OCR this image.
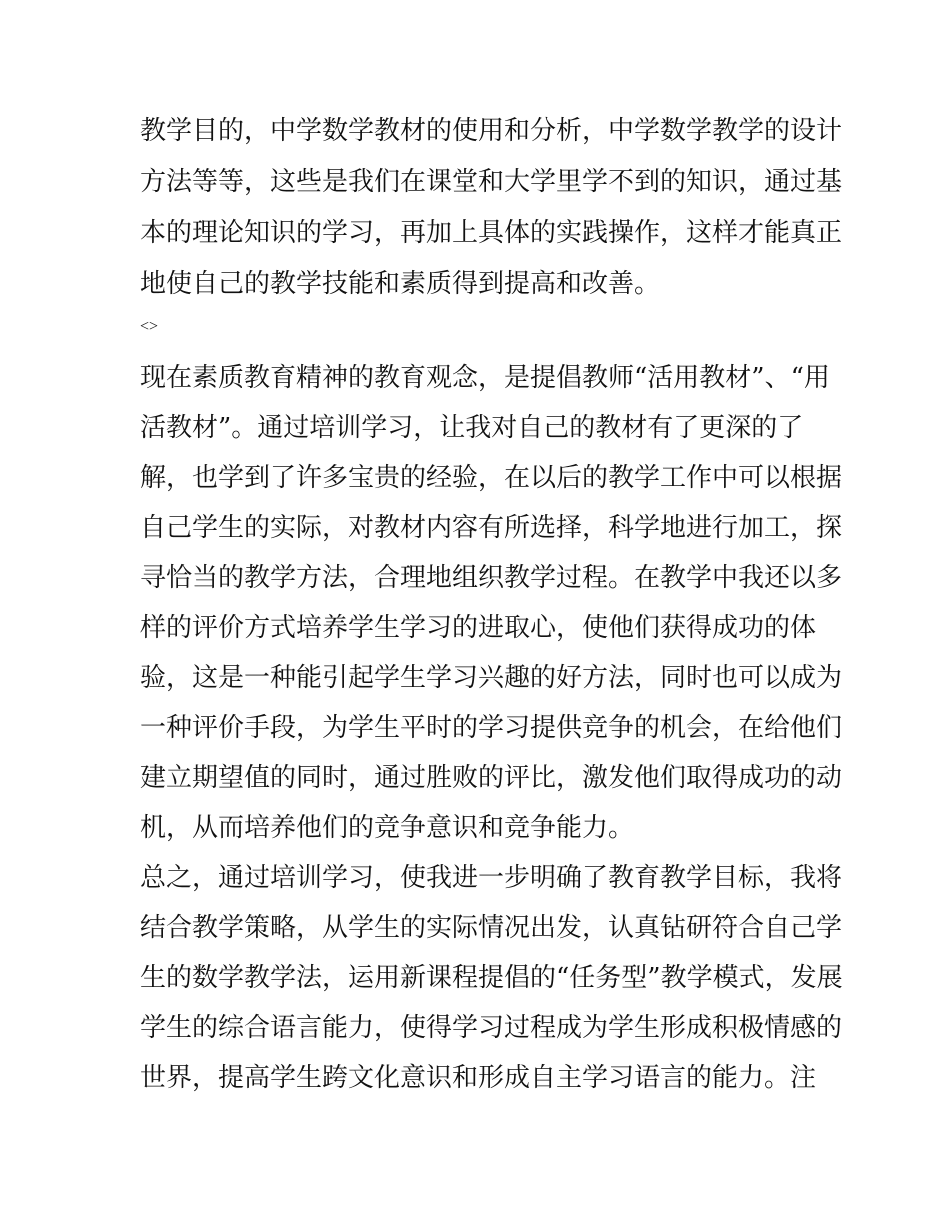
教学目的，中学数学教材的使用和分析，中学数学教学的设计
方法等等，这些是我们在课堂和大学里学不到的知识，通过基
本的理论知识的学习，再加上具体的实践操作，这样才能真正
地使自己的教学技能和素质得到提高和改善。
<>
现在素质教育精神的教育观念，是提倡教师“活用教材”、“用
活教材”。通过培训学习，让我对自己的教材有了更深的了
解，也学到了许多宝贵的经验，在以后的教学工作中可以根据
自己学生的实际，对教材内容有所选择，科学地进行加工，探
寻恰当的教学方法，合理地组织教学过程。在教学中我还以多
样的评价方式培养学生学习的进取心，使他们获得成功的体
验，这是一种能引起学生学习兴趣的好方法，同时也可以成为
一种评价手段，为学生平时的学习提供竞争的机会，在给他们
建立期望值的同时，通过胜败的评比，激发他们取得成功的动
机，从而培养他们的竞争意识和竞争能力。
总之，通过培训学习，使我进一步明确了教育教学目标，我将
结合教学策略，从学生的实际情况出发，认真钻研符合自己学
生的数学教学法，运用新课程提倡的“任务型”教学模式，发展
学生的综合语言能力，使得学习过程成为学生形成积极情感的
世界，提高学生跨文化意识和形成自主学习语言的能力。注
